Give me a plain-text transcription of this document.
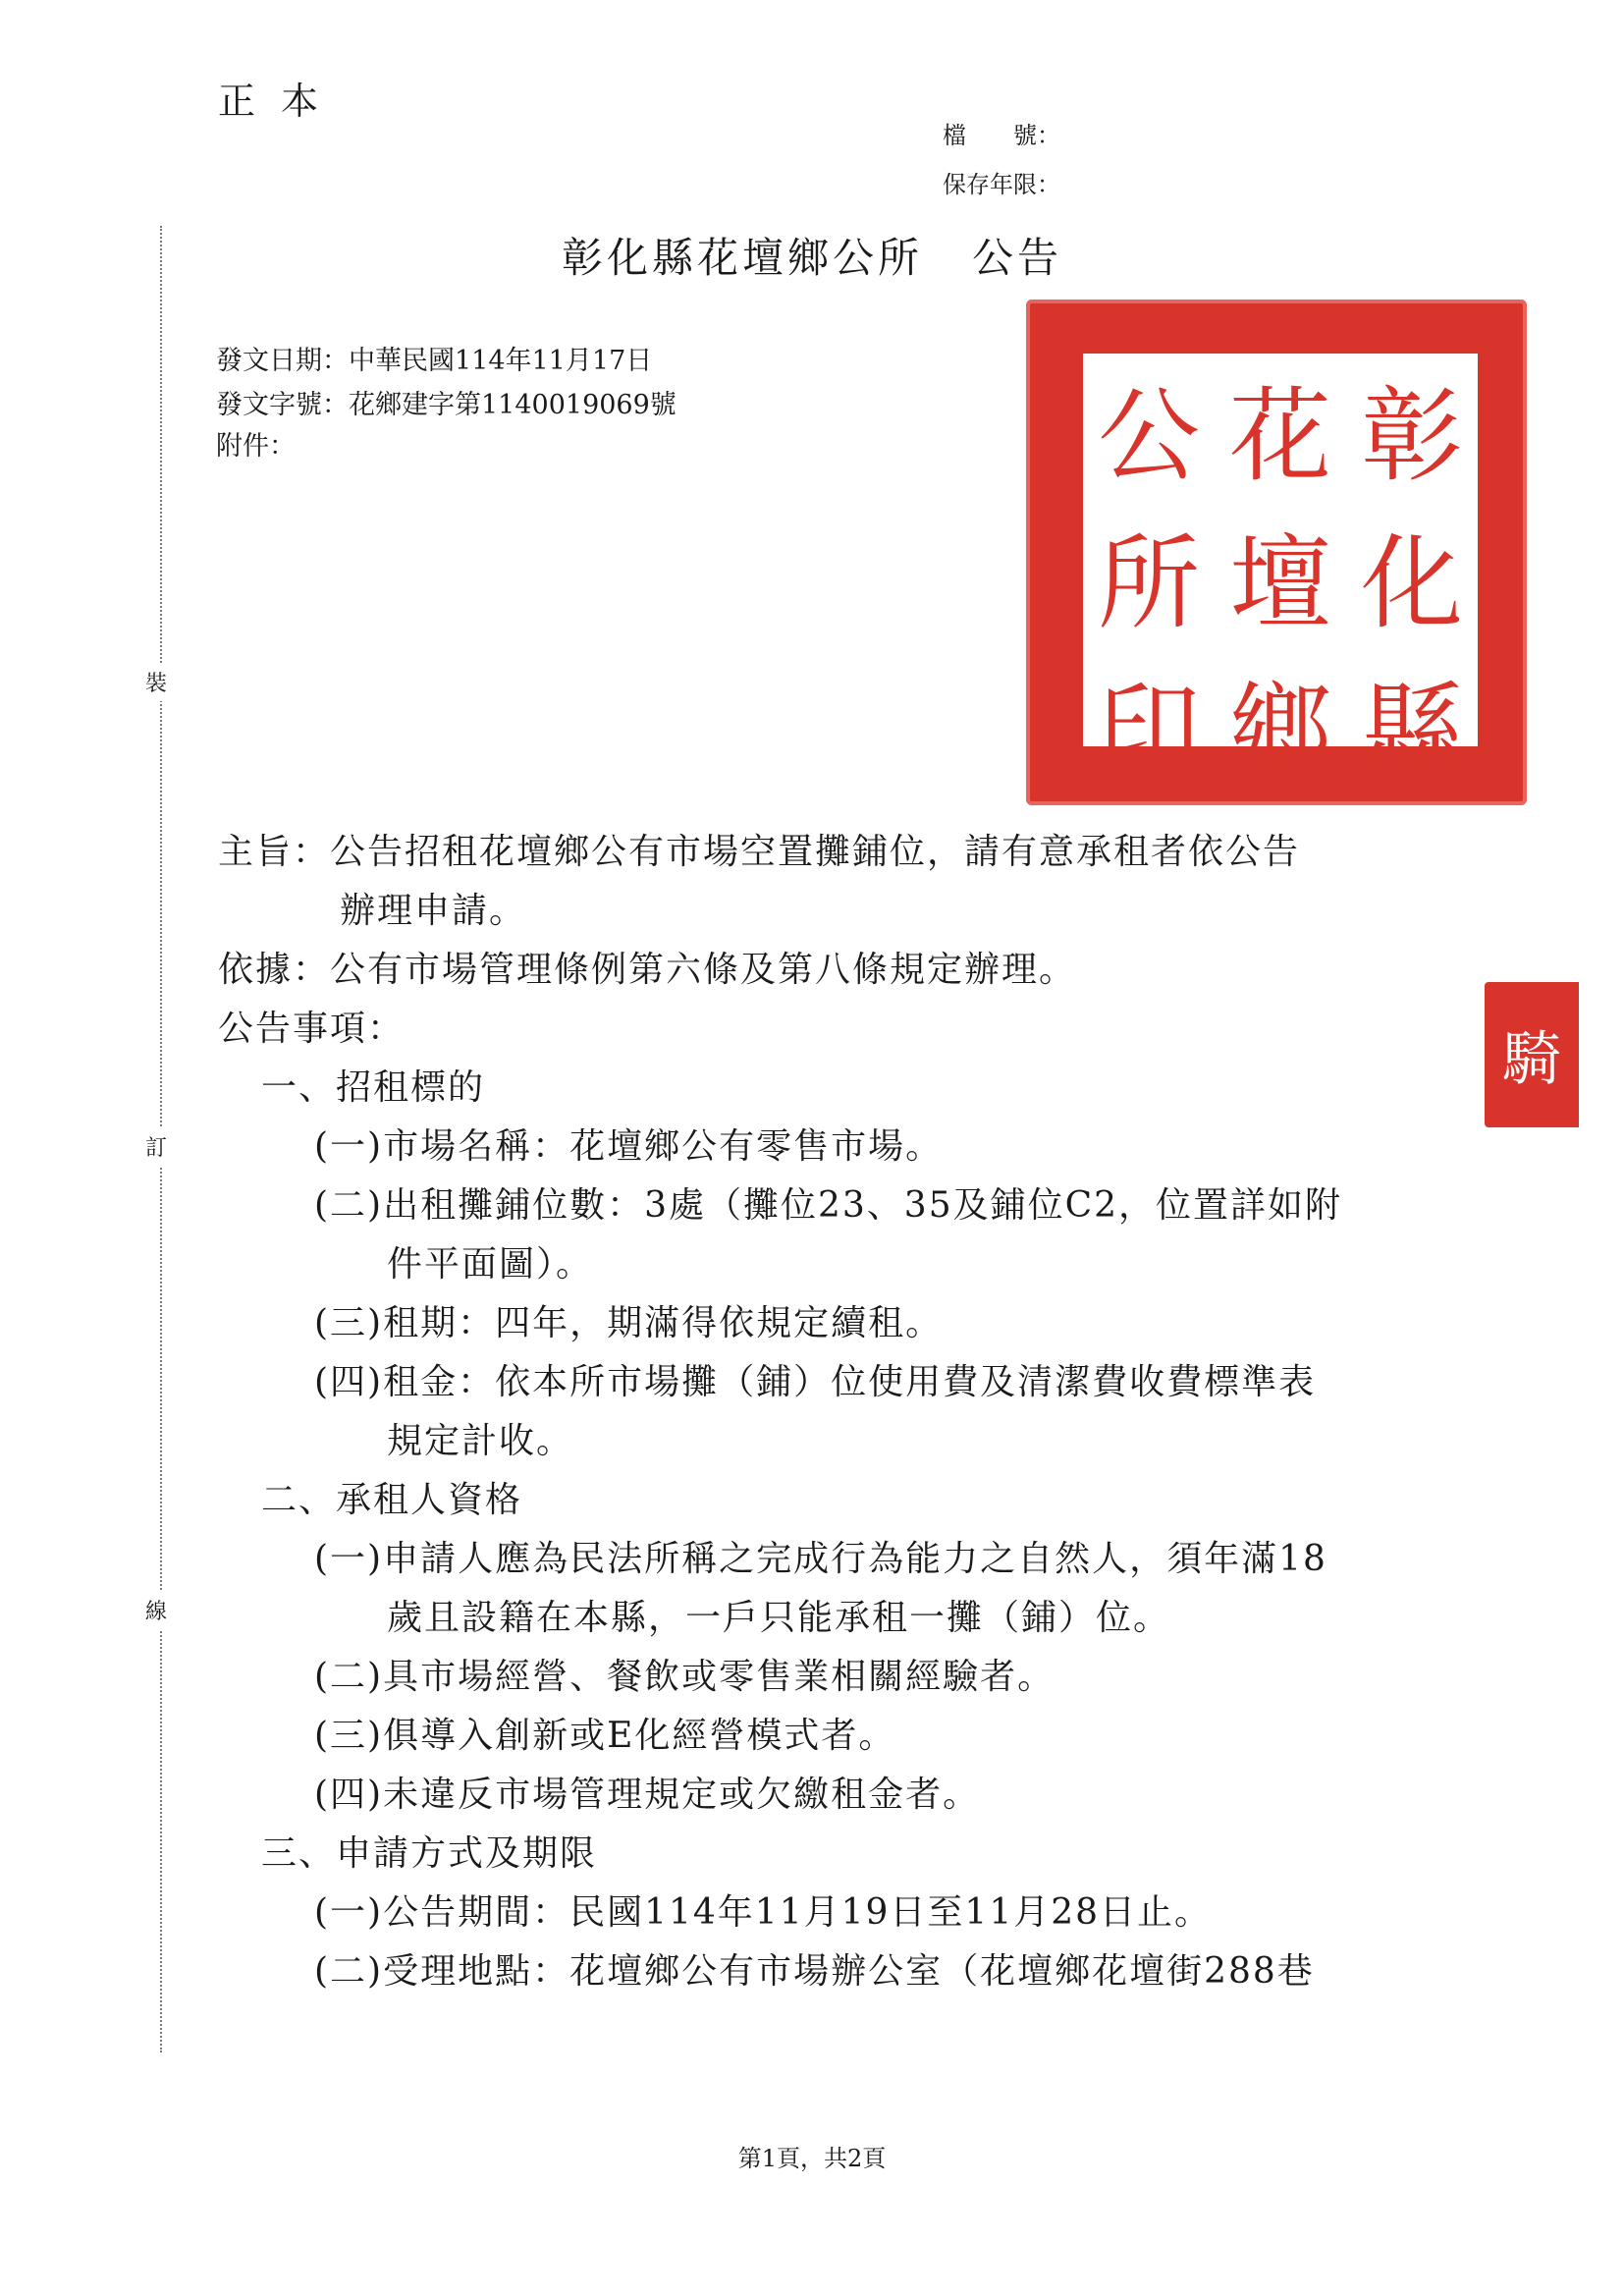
正本
檔　　號：
保存年限：
裝
訂
線
彰化縣花壇鄉公所 公告
發文日期：中華民國114年11月17日
發文字號：花鄉建字第1140019069號
附件：	彰
化
縣
花
壇
鄉
公
所
印
騎
主旨：公告招租花壇鄉公有市場空置攤鋪位，請有意承租者依公告
辦理申請。
依據：公有市場管理條例第六條及第八條規定辦理。
公告事項：
一、招租標的
(一)市場名稱：花壇鄉公有零售市場。
(二)出租攤鋪位數：3處（攤位23、35及鋪位C2，位置詳如附
件平面圖）。
(三)租期：四年，期滿得依規定續租。
(四)租金：依本所市場攤（鋪）位使用費及清潔費收費標準表
規定計收。
二、承租人資格
(一)申請人應為民法所稱之完成行為能力之自然人，須年滿18
歲且設籍在本縣，一戶只能承租一攤（鋪）位。
(二)具市場經營、餐飲或零售業相關經驗者。
(三)俱導入創新或E化經營模式者。
(四)未違反市場管理規定或欠繳租金者。
三、申請方式及期限
(一)公告期間：民國114年11月19日至11月28日止。
(二)受理地點：花壇鄉公有市場辦公室（花壇鄉花壇街288巷
第1頁，共2頁
